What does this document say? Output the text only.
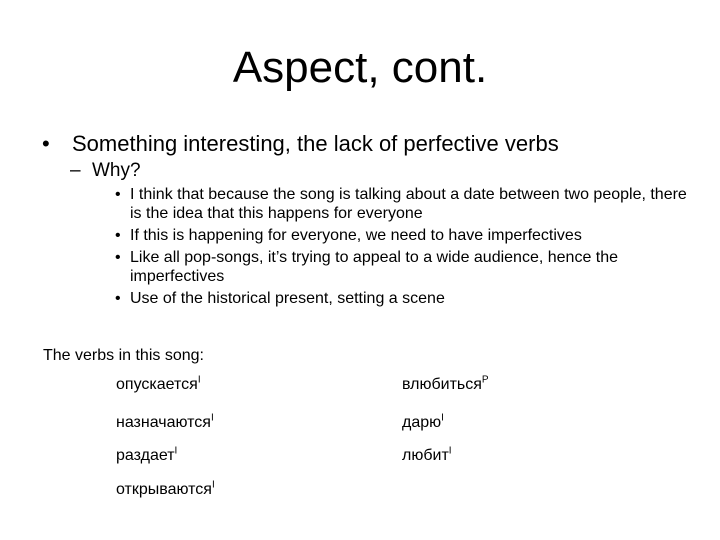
Aspect, cont.
• Something interesting, the lack of perfective verbs
– Why?
• I think that because the song is talking about a date between two people, there is the idea that this happens for everyone
• If this is happening for everyone, we need to have imperfectives
• Like all pop-songs, it’s trying to appeal to a wide audience, hence the imperfectives
• Use of the historical present, setting a scene
The verbs in this song:
опускается$^I$	влюбиться$^P$
назначаются$^I$	дарю$^I$
раздает$^I$	любит$^I$
открываются$^I$
